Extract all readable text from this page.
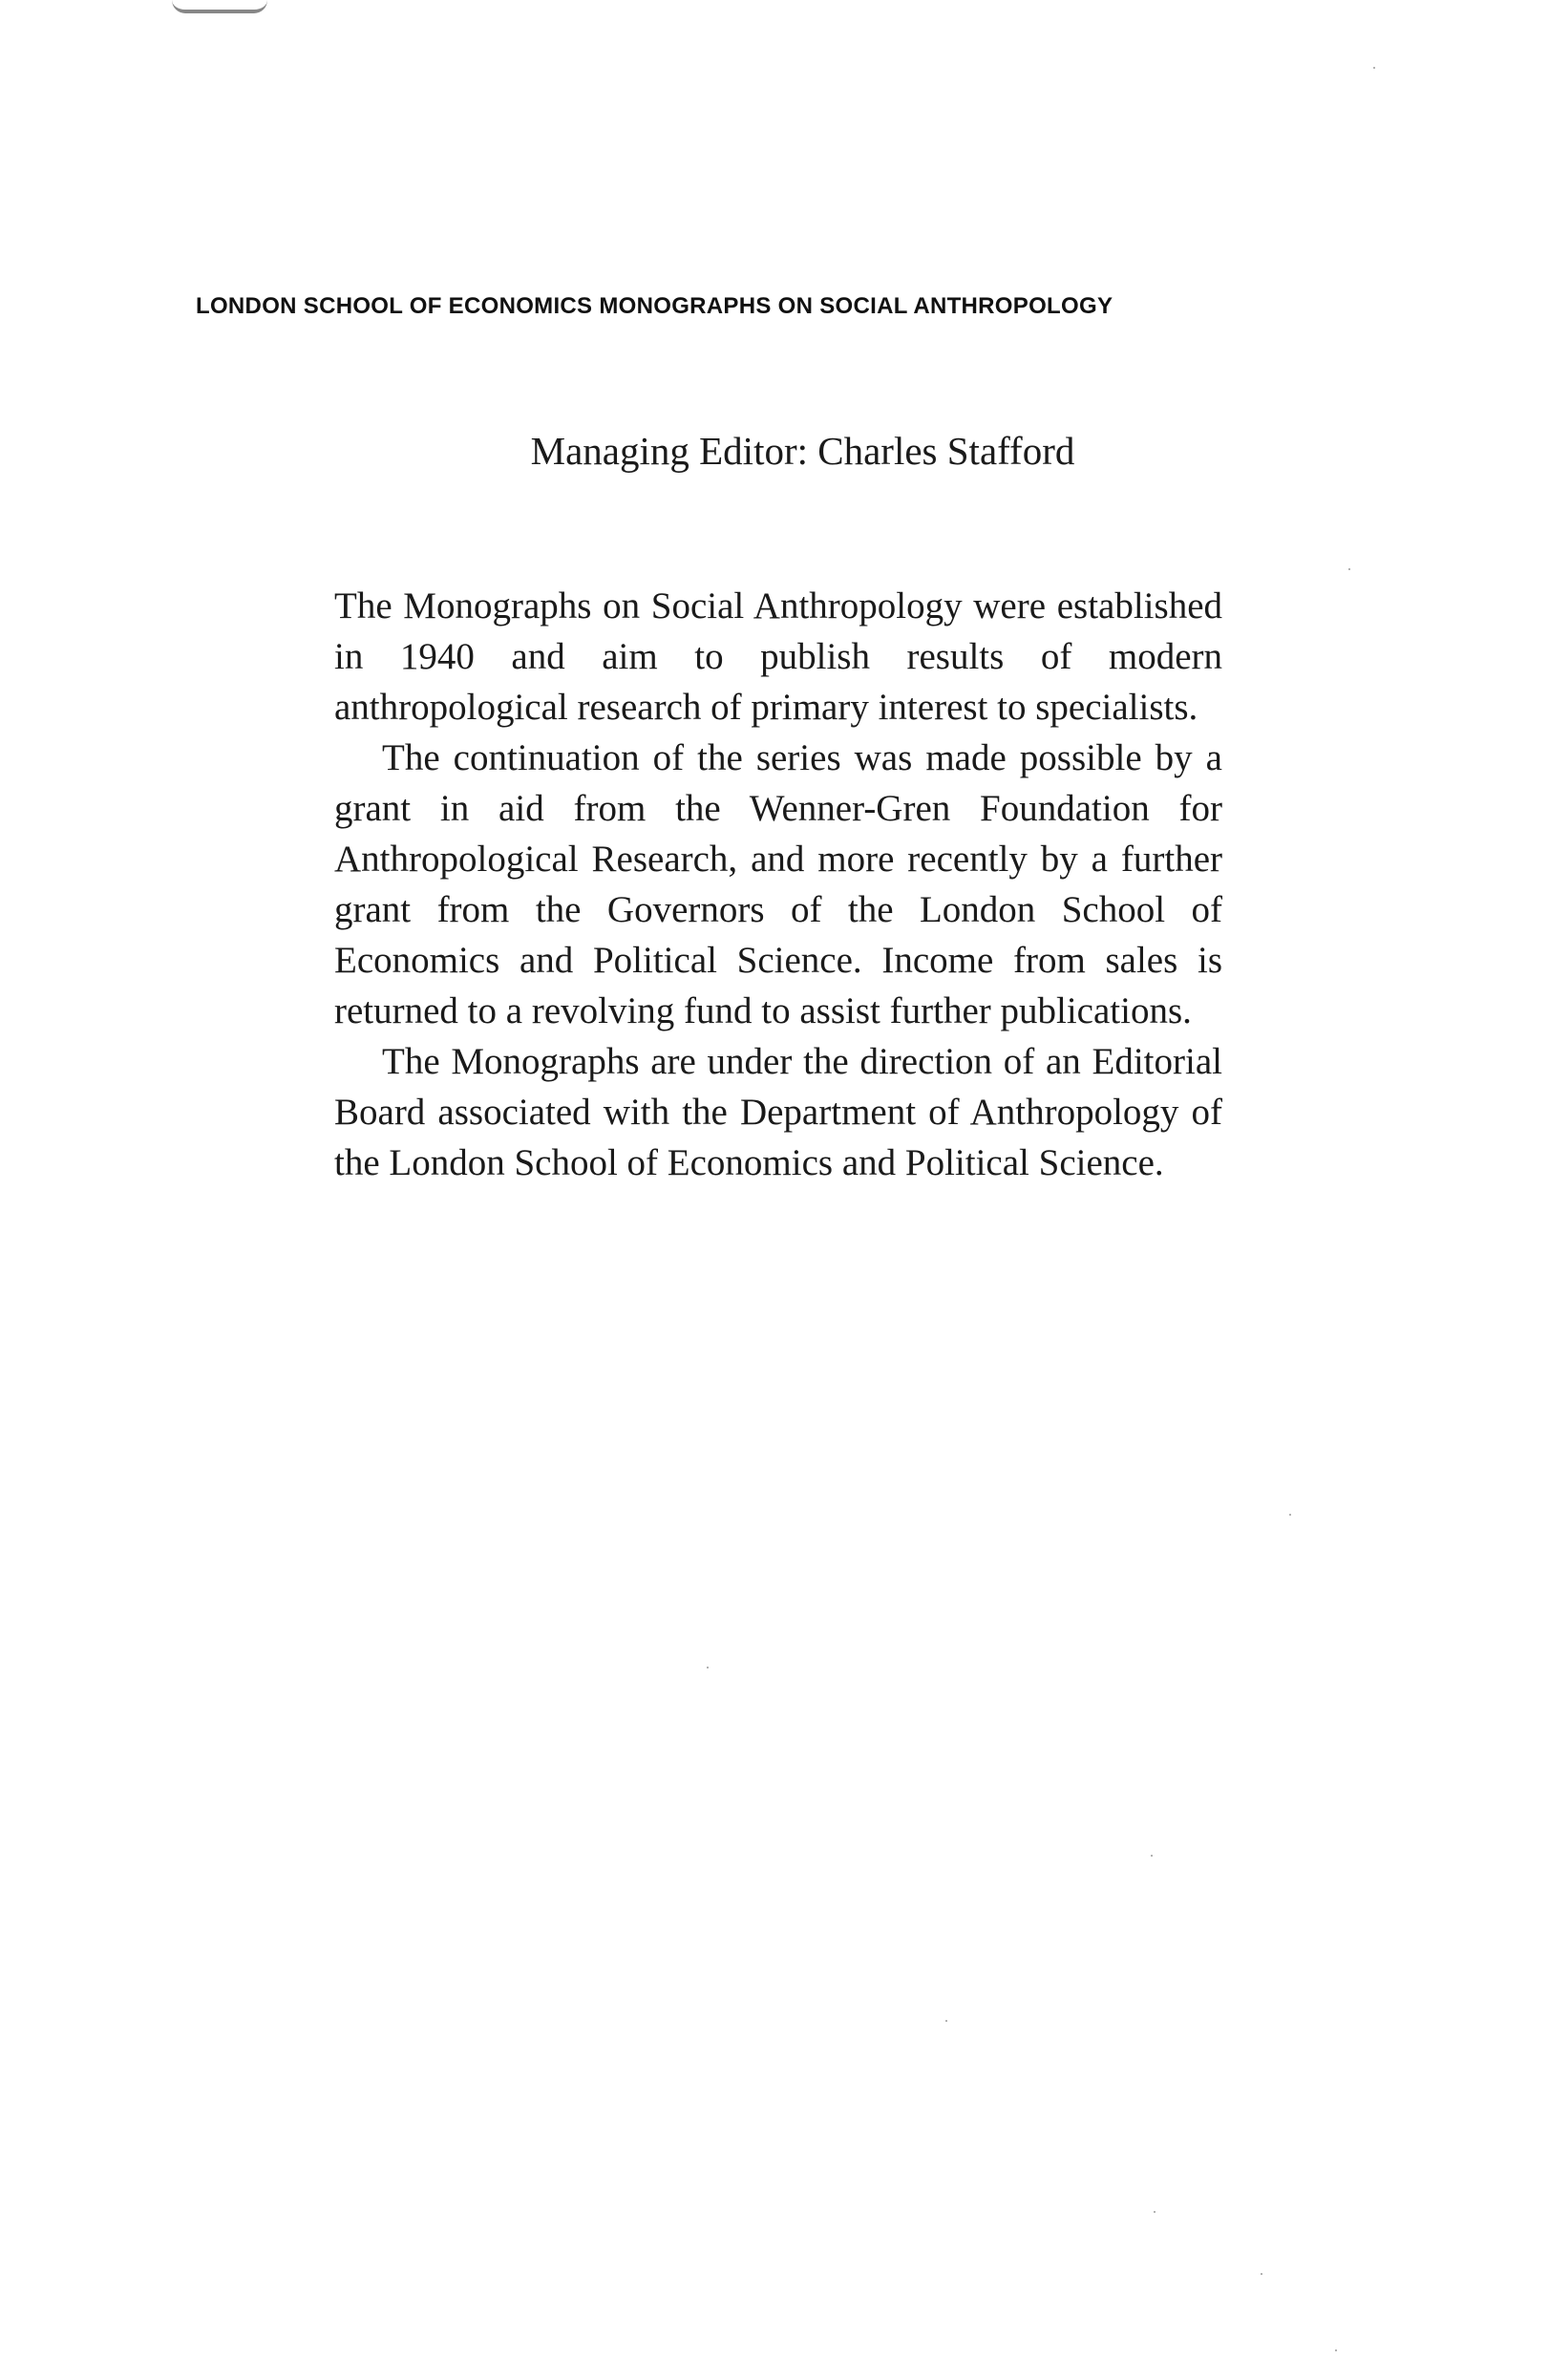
LONDON SCHOOL OF ECONOMICS MONOGRAPHS ON SOCIAL ANTHROPOLOGY
Managing Editor: Charles Stafford

The Monographs on Social Anthropology were established in 1940 and aim to publish results of modern anthropological research of primary interest to specialists.

The continuation of the series was made possible by a grant in aid from the Wenner-Gren Foundation for Anthropological Research, and more recently by a further grant from the Governors of the London School of Economics and Political Science. Income from sales is returned to a revolving fund to assist further publications.

The Monographs are under the direction of an Editorial Board associated with the Department of Anthropology of the London School of Economics and Political Science.
